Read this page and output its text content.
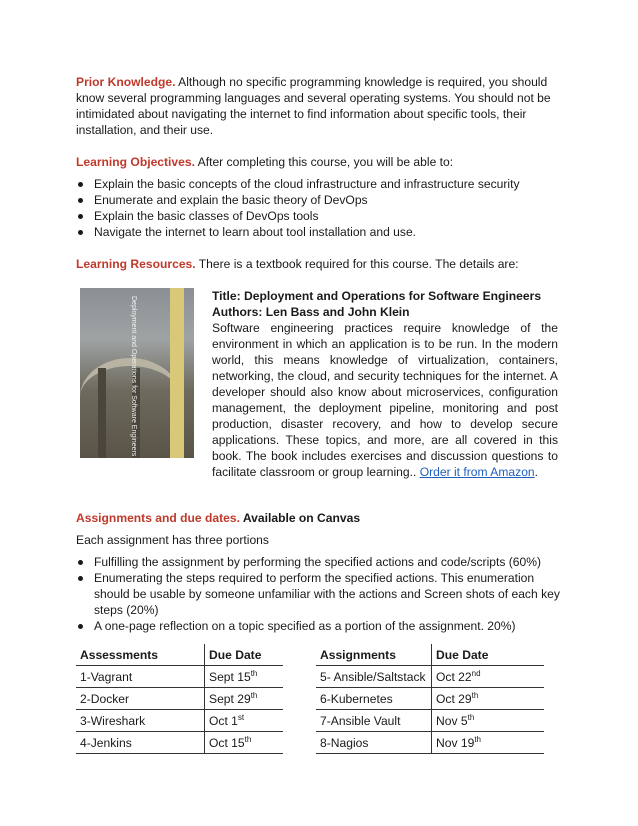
Prior Knowledge. Although no specific programming knowledge is required, you should know several programming languages and several operating systems. You should not be intimidated about navigating the internet to find information about specific tools, their installation, and their use.

Learning Objectives. After completing this course, you will be able to:

Explain the basic concepts of the cloud infrastructure and infrastructure security
Enumerate and explain the basic theory of DevOps
Explain the basic classes of DevOps tools
Navigate the internet to learn about tool installation and use.

Learning Resources. There is a textbook required for this course. The details are:

Deployment and Operations for Software Engineers	Title: Deployment and Operations for Software Engineers

Authors: Len Bass and John Klein

Software engineering practices require knowledge of the environment in which an application is to be run. In the modern world, this means knowledge of virtualization, containers, networking, the cloud, and security techniques for the internet. A developer should also know about microservices, configuration management, the deployment pipeline, monitoring and post production, disaster recovery, and how to develop secure applications. These topics, and more, are all covered in this book. The book includes exercises and discussion questions to facilitate classroom or group learning.. Order it from Amazon.

Assignments and due dates. Available on Canvas

Each assignment has three portions

Fulfilling the assignment by performing the specified actions and code/scripts (60%)
Enumerating the steps required to perform the specified actions. This enumeration should be usable by someone unfamiliar with the actions and Screen shots of each key steps (20%)
A one-page reflection on a topic specified as a portion of the assignment. 20%)
Assessments	Due Date
1-Vagrant	Sept 15th
2-Docker	Sept 29th
3-Wireshark	Oct 1st
4-Jenkins	Oct 15th
Assignments	Due Date
5- Ansible/Saltstack	Oct 22nd
6-Kubernetes	Oct 29th
7-Ansible Vault	Nov 5th
8-Nagios	Nov 19th
